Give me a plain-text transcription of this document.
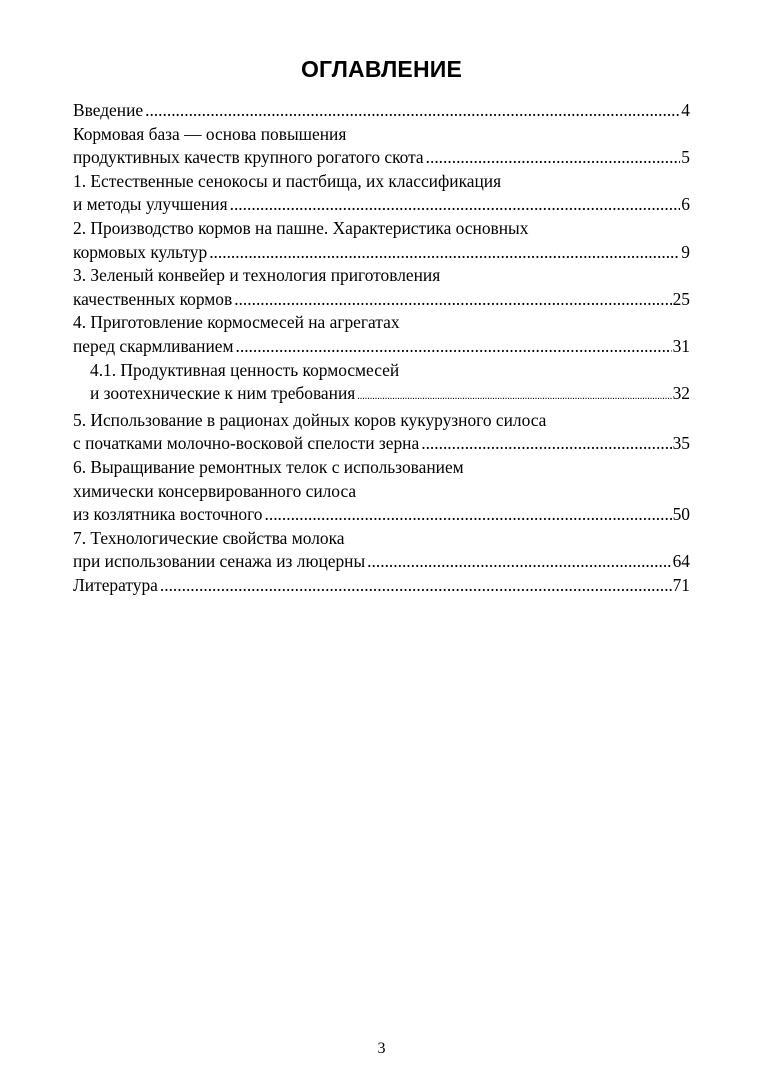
ОГЛАВЛЕНИЕ
Введение .....	4
Кормовая база — основа повышения
продуктивных качеств крупного рогатого скота .....	5
1. Естественные сенокосы и пастбища, их классификация
и методы улучшения .....	6
2. Производство кормов на пашне. Характеристика основных
кормовых культур .....	9
3. Зеленый конвейер и технология приготовления
качественных кормов .....	25
4. Приготовление кормосмесей на агрегатах
перед скармливанием .....	31
4.1. Продуктивная ценность кормосмесей
и зоотехнические к ним требования .....	32
5. Использование в рационах дойных коров кукурузного силоса
с початками молочно-восковой спелости зерна .....	35
6. Выращивание ремонтных телок с использованием
химически консервированного силоса
из козлятника восточного .....	50
7. Технологические свойства молока
при использовании сенажа из люцерны .....	64
Литература .....	71
3
